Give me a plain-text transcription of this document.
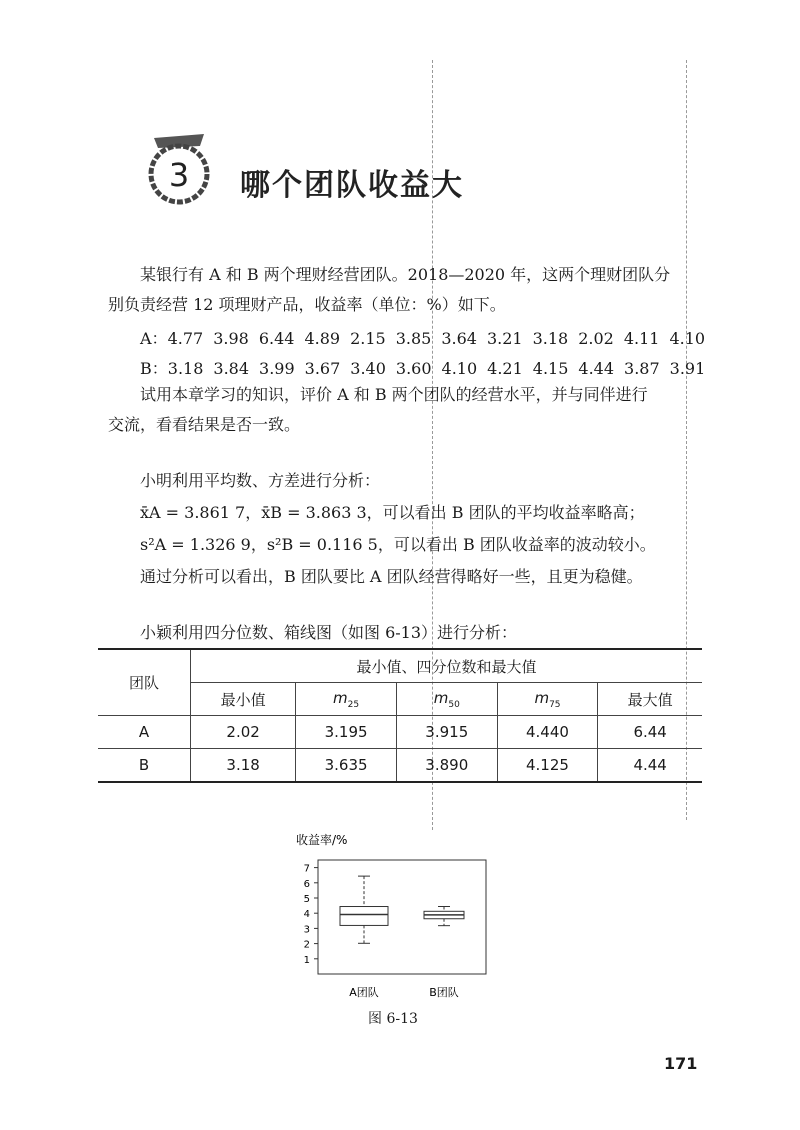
3 哪个团队收益大
某银行有 A 和 B 两个理财经营团队。2018—2020 年，这两个理财团队分
别负责经营 12 项理财产品，收益率（单位：%）如下。
A：4.77 3.98 6.44 4.89 2.15 3.85 3.64 3.21 3.18 2.02 4.11 4.10
B：3.18 3.84 3.99 3.67 3.40 3.60 4.10 4.21 4.15 4.44 3.87 3.91
试用本章学习的知识，评价 A 和 B 两个团队的经营水平，并与同伴进行
交流，看看结果是否一致。
小明利用平均数、方差进行分析：
x̄A = 3.861 7，x̄B = 3.863 3，可以看出 B 团队的平均收益率略高；
s²A = 1.326 9，s²B = 0.116 5，可以看出 B 团队收益率的波动较小。
通过分析可以看出，B 团队要比 A 团队经营得略好一些，且更为稳健。
小颖利用四分位数、箱线图（如图 6-13）进行分析：
团队	最小值、四分位数和最大值				
	最小值	$m_{25}$	$m_{50}$	$m_{75}$	最大值
A	2.02	3.195	3.915	4.440	6.44
B	3.18	3.635	3.890	4.125	4.44
收益率/%
1
2
3
4
5
6
7
A团队	B团队
图 6-13
171
